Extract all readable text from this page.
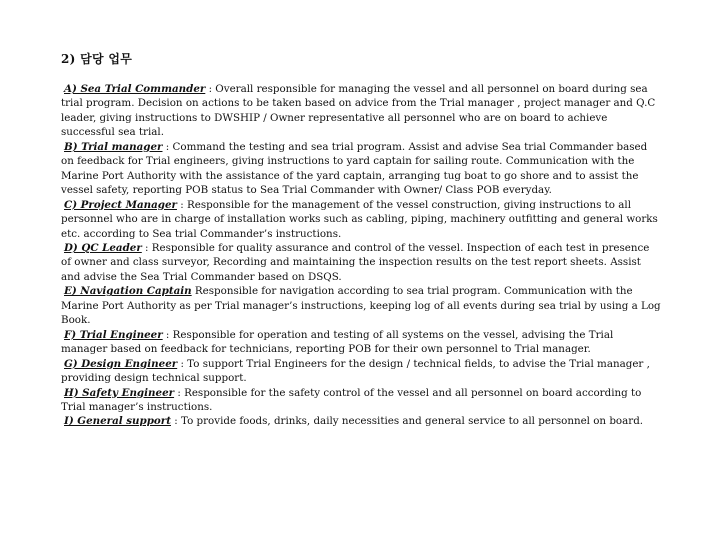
2) 담당 업무

A) Sea Trial Commander : Overall responsible for managing the vessel and all personnel on board during sea trial program. Decision on actions to be taken based on advice from the Trial manager , project manager and Q.C leader, giving instructions to DWSHIP / Owner representative all personnel who are on board to achieve successful sea trial.

B) Trial manager : Command the testing and sea trial program. Assist and advise Sea trial Commander based on feedback for Trial engineers, giving instructions to yard captain for sailing route. Communication with the Marine Port Authority with the assistance of the yard captain, arranging tug boat to go shore and to assist the vessel safety, reporting POB status to Sea Trial Commander with Owner/ Class POB everyday.

C) Project Manager : Responsible for the management of the vessel construction, giving instructions to all personnel who are in charge of installation works such as cabling, piping, machinery outfitting and general works etc. according to Sea trial Commander’s instructions.

D) QC Leader : Responsible for quality assurance and control of the vessel. Inspection of each test in presence of owner and class surveyor, Recording and maintaining the inspection results on the test report sheets. Assist and advise the Sea Trial Commander based on DSQS.

E) Navigation Captain Responsible for navigation according to sea trial program. Communication with the Marine Port Authority as per Trial manager’s instructions, keeping log of all events during sea trial by using a Log Book.

F) Trial Engineer : Responsible for operation and testing of all systems on the vessel, advising the Trial manager based on feedback for technicians, reporting POB for their own personnel to Trial manager.

G) Design Engineer : To support Trial Engineers for the design / technical fields, to advise the Trial manager , providing design technical support.

H) Safety Engineer : Responsible for the safety control of the vessel and all personnel on board according to Trial manager’s instructions.

I) General support : To provide foods, drinks, daily necessities and general service to all personnel on board.
